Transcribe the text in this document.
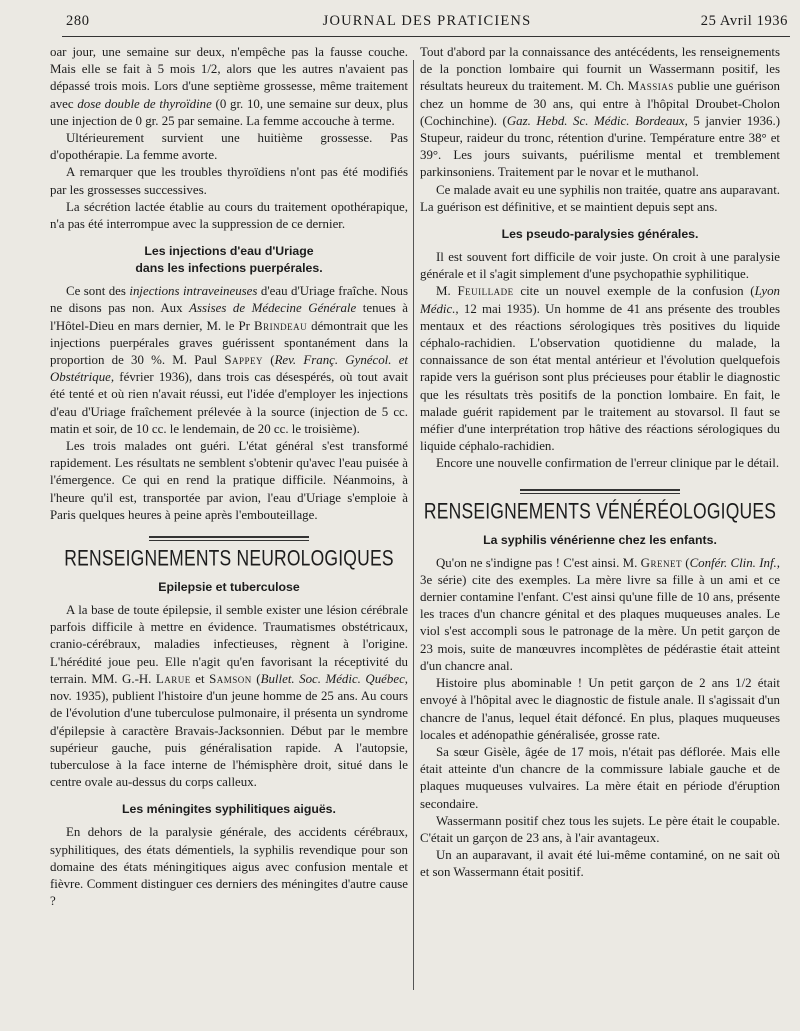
280	JOURNAL DES PRATICIENS	25 Avril 1936

oar jour, une semaine sur deux, n'empêche pas la fausse couche. Mais elle se fait à 5 mois 1/2, alors que les autres n'avaient pas dépassé trois mois. Lors d'une septième grossesse, même traitement avec dose double de thyroïdine (0 gr. 10, une semaine sur deux, plus une injection de 0 gr. 25 par semaine. La femme accouche à terme.

Ultérieurement survient une huitième grossesse. Pas d'opothérapie. La femme avorte.

A remarquer que les troubles thyroïdiens n'ont pas été modifiés par les grossesses successives.

La sécrétion lactée établie au cours du traitement opothérapique, n'a pas été interrompue avec la suppression de ce dernier.

Les injections d'eau d'Uriage
dans les infections puerpérales.

Ce sont des injections intraveineuses d'eau d'Uriage fraîche. Nous ne disons pas non. Aux Assises de Médecine Générale tenues à l'Hôtel-Dieu en mars dernier, M. le Pr Brindeau démontrait que les injections puerpérales graves guérissent spontanément dans la proportion de 30 %. M. Paul Sappey (Rev. Franç. Gynécol. et Obstétrique, février 1936), dans trois cas désespérés, où tout avait été tenté et où rien n'avait réussi, eut l'idée d'employer les injections d'eau d'Uriage fraîchement prélevée à la source (injection de 5 cc. matin et soir, de 10 cc. le lendemain, de 20 cc. le troisième).

Les trois malades ont guéri. L'état général s'est transformé rapidement. Les résultats ne semblent s'obtenir qu'avec l'eau puisée à l'émergence. Ce qui en rend la pratique difficile. Néanmoins, à l'heure qu'il est, transportée par avion, l'eau d'Uriage s'emploie à Paris quelques heures à peine après l'embouteillage.

RENSEIGNEMENTS NEUROLOGIQUES
Epilepsie et tuberculose

A la base de toute épilepsie, il semble exister une lésion cérébrale parfois difficile à mettre en évidence. Traumatismes obstétricaux, cranio-cérébraux, maladies infectieuses, règnent à l'origine. L'hérédité joue peu. Elle n'agit qu'en favorisant la réceptivité du terrain. MM. G.-H. Larue et Samson (Bullet. Soc. Médic. Québec, nov. 1935), publient l'histoire d'un jeune homme de 25 ans. Au cours de l'évolution d'une tuberculose pulmonaire, il présenta un syndrome d'épilepsie à caractère Bravais-Jacksonnien. Début par le membre supérieur gauche, puis généralisation rapide. A l'autopsie, tuberculose à la face interne de l'hémisphère droit, situé dans le centre ovale au-dessus du corps calleux.

Les méningites syphilitiques aiguës.

En dehors de la paralysie générale, des accidents cérébraux, syphilitiques, des états démentiels, la syphilis revendique pour son domaine des états méningitiques aigus avec confusion mentale et fièvre. Comment distinguer ces derniers des méningites d'autre cause ?

Tout d'abord par la connaissance des antécédents, les renseignements de la ponction lombaire qui fournit un Wassermann positif, les résultats heureux du traitement. M. Ch. Massias publie une guérison chez un homme de 30 ans, qui entre à l'hôpital Droubet-Cholon (Cochinchine). (Gaz. Hebd. Sc. Médic. Bordeaux, 5 janvier 1936.) Stupeur, raideur du tronc, rétention d'urine. Température entre 38° et 39°. Les jours suivants, puérilisme mental et tremblement parkinsoniens. Traitement par le novar et le muthanol.

Ce malade avait eu une syphilis non traitée, quatre ans auparavant. La guérison est définitive, et se maintient depuis sept ans.

Les pseudo-paralysies générales.

Il est souvent fort difficile de voir juste. On croit à une paralysie générale et il s'agit simplement d'une psychopathie syphilitique.

M. Feuillade cite un nouvel exemple de la confusion (Lyon Médic., 12 mai 1935). Un homme de 41 ans présente des troubles mentaux et des réactions sérologiques très positives du liquide céphalo-rachidien. L'observation quotidienne du malade, la connaissance de son état mental antérieur et l'évolution quelquefois rapide vers la guérison sont plus précieuses pour établir le diagnostic que les résultats très positifs de la ponction lombaire. En fait, le malade guérit rapidement par le traitement au stovarsol. Il faut se méfier d'une interprétation trop hâtive des réactions sérologiques du liquide céphalo-rachidien.

Encore une nouvelle confirmation de l'erreur clinique par le détail.

RENSEIGNEMENTS VÉNÉRÉOLOGIQUES
La syphilis vénérienne chez les enfants.

Qu'on ne s'indigne pas ! C'est ainsi. M. Grenet (Confér. Clin. Inf., 3e série) cite des exemples. La mère livre sa fille à un ami et ce dernier contamine l'enfant. C'est ainsi qu'une fille de 10 ans, présente les traces d'un chancre génital et des plaques muqueuses anales. Le viol s'est accompli sous le patronage de la mère. Un petit garçon de 23 mois, suite de manœuvres incomplètes de pédérastie était atteint d'un chancre anal.

Histoire plus abominable ! Un petit garçon de 2 ans 1/2 était envoyé à l'hôpital avec le diagnostic de fistule anale. Il s'agissait d'un chancre de l'anus, lequel était défoncé. En plus, plaques muqueuses locales et adénopathie généralisée, grosse rate.

Sa sœur Gisèle, âgée de 17 mois, n'était pas déflorée. Mais elle était atteinte d'un chancre de la commissure labiale gauche et de plaques muqueuses vulvaires. La mère était en période d'éruption secondaire.

Wassermann positif chez tous les sujets. Le père était le coupable. C'était un garçon de 23 ans, à l'air avantageux.

Un an auparavant, il avait été lui-même contaminé, on ne sait où et son Wassermann était positif.
